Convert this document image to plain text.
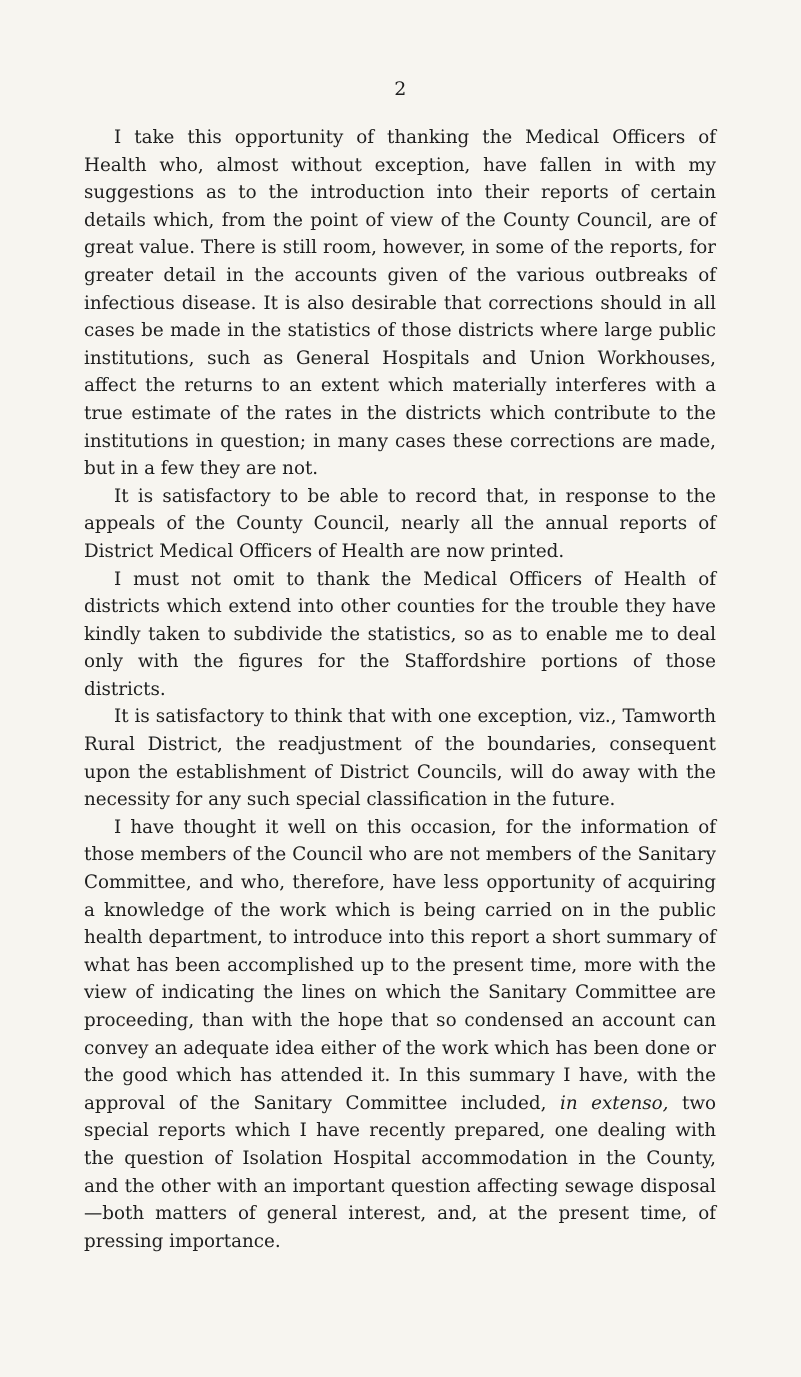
2

I take this opportunity of thanking the Medical Officers of Health who, almost without exception, have fallen in with my suggestions as to the introduction into their reports of certain details which, from the point of view of the County Council, are of great value. There is still room, however, in some of the reports, for greater detail in the accounts given of the various outbreaks of infectious disease. It is also desirable that corrections should in all cases be made in the statistics of those districts where large public institutions, such as General Hospitals and Union Workhouses, affect the returns to an extent which materially interferes with a true estimate of the rates in the districts which contribute to the institutions in question; in many cases these corrections are made, but in a few they are not.

It is satisfactory to be able to record that, in response to the appeals of the County Council, nearly all the annual reports of District Medical Officers of Health are now printed.

I must not omit to thank the Medical Officers of Health of districts which extend into other counties for the trouble they have kindly taken to subdivide the statistics, so as to enable me to deal only with the figures for the Staffordshire portions of those districts.

It is satisfactory to think that with one exception, viz., Tamworth Rural District, the readjustment of the boundaries, consequent upon the establishment of District Councils, will do away with the necessity for any such special classification in the future.

I have thought it well on this occasion, for the information of those members of the Council who are not members of the Sanitary Committee, and who, therefore, have less opportunity of acquiring a knowledge of the work which is being carried on in the public health department, to introduce into this report a short summary of what has been accomplished up to the present time, more with the view of indicating the lines on which the Sanitary Committee are proceeding, than with the hope that so condensed an account can convey an adequate idea either of the work which has been done or the good which has attended it. In this summary I have, with the approval of the Sanitary Committee included, in extenso, two special reports which I have recently prepared, one dealing with the question of Isolation Hospital accommodation in the County, and the other with an important question affecting sewage disposal—both matters of general interest, and, at the present time, of pressing importance.
